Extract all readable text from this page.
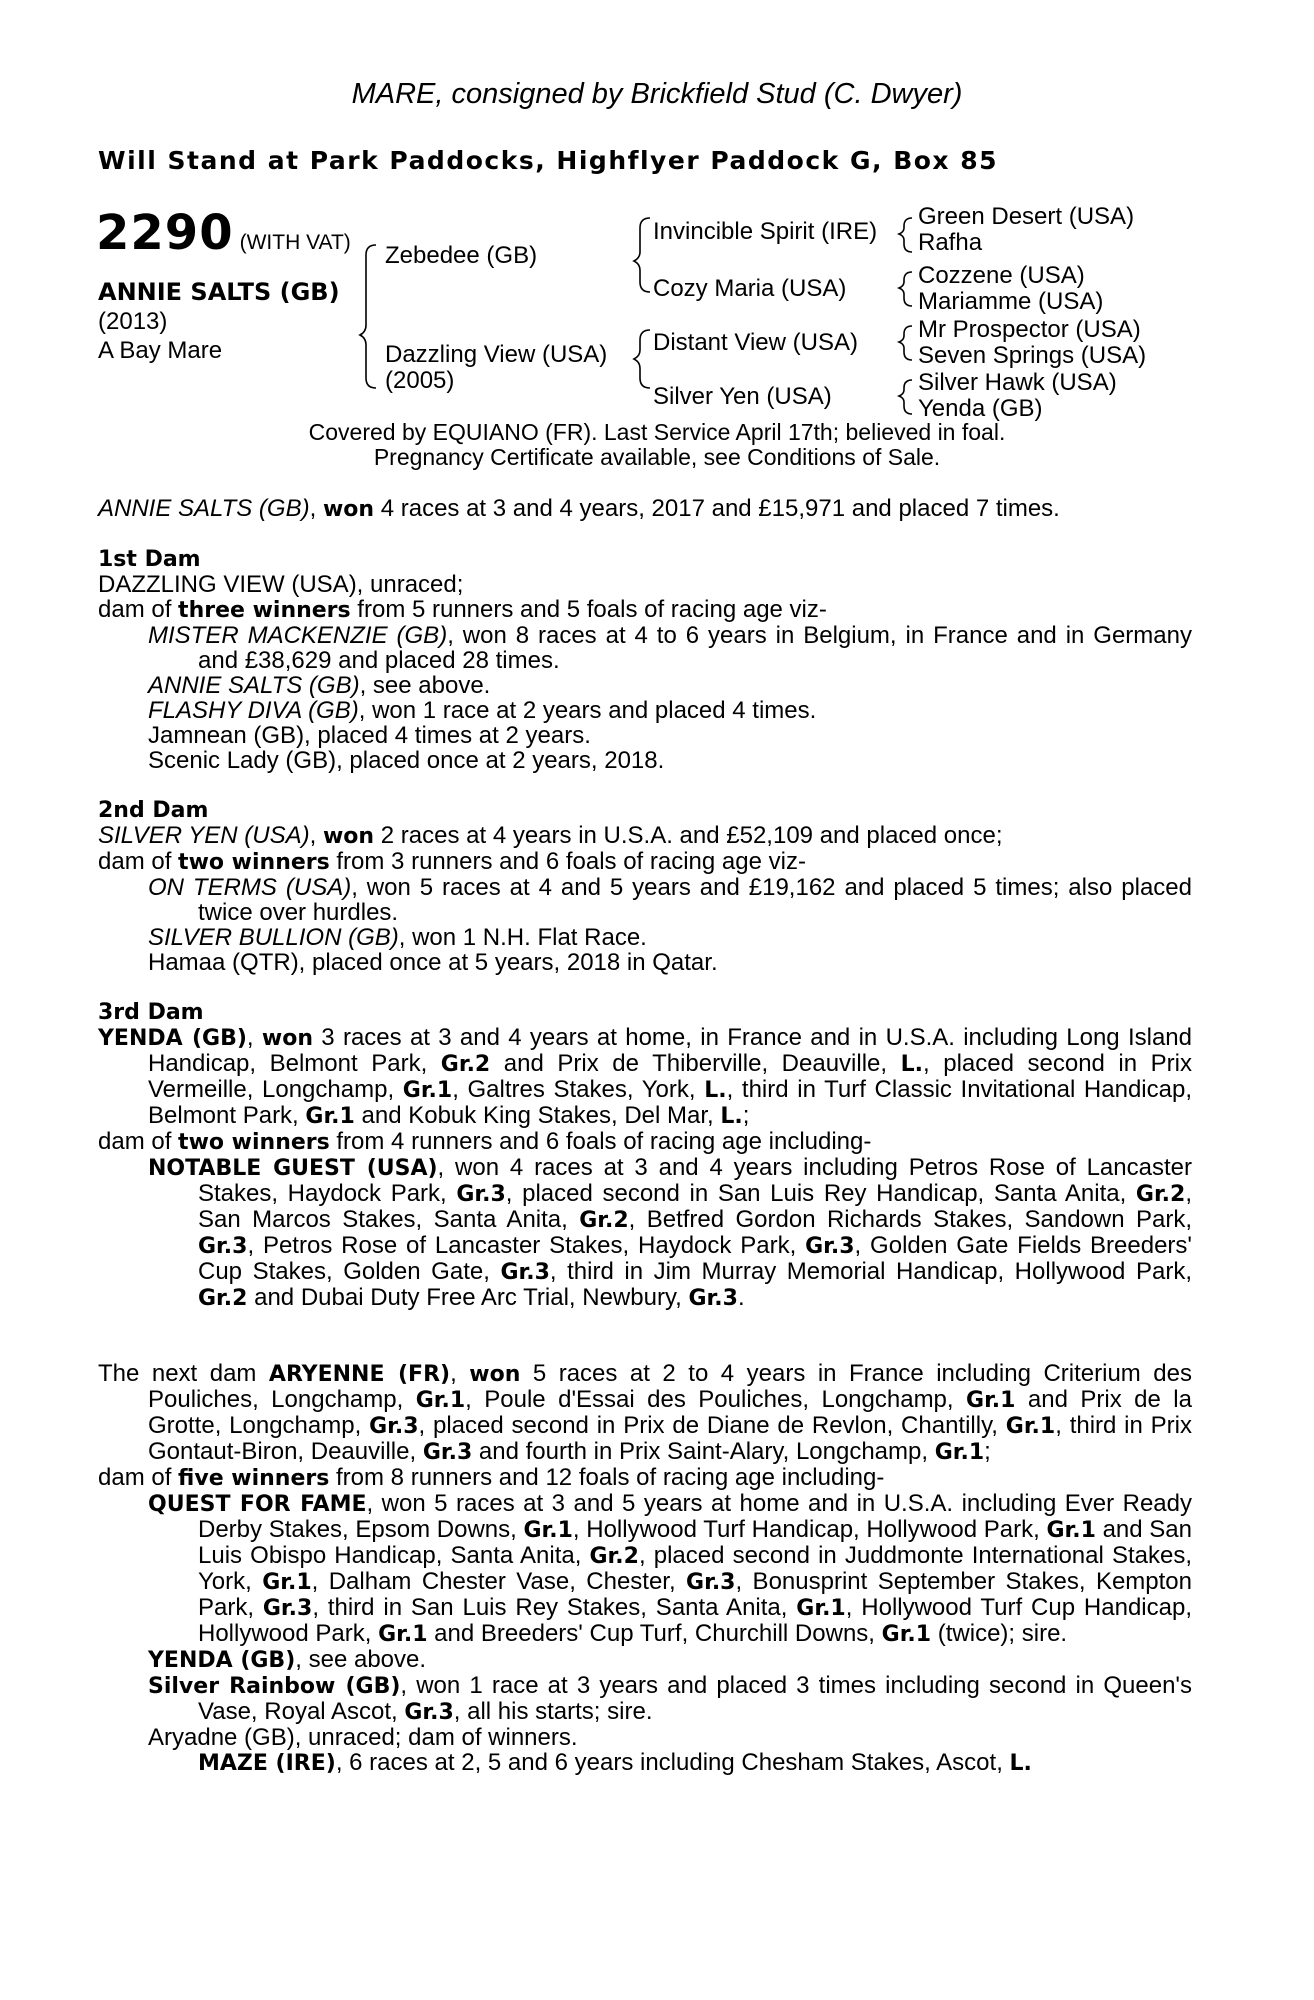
MARE, consigned by Brickfield Stud (C. Dwyer)
Will Stand at Park Paddocks, Highflyer Paddock G, Box 85
2290 (WITH VAT)
ANNIE SALTS (GB)
(2013)
A Bay Mare
Zebedee (GB)
Dazzling View (USA)
(2005)
Invincible Spirit (IRE)
Cozy Maria (USA)
Distant View (USA)
Silver Yen (USA)
Green Desert (USA)
Rafha
Cozzene (USA)
Mariamme (USA)
Mr Prospector (USA)
Seven Springs (USA)
Silver Hawk (USA)
Yenda (GB)
Covered by EQUIANO (FR). Last Service April 17th; believed in foal.
Pregnancy Certificate available, see Conditions of Sale.

ANNIE SALTS (GB), won 4 races at 3 and 4 years, 2017 and £15,971 and placed 7 times.

1st Dam

DAZZLING VIEW (USA), unraced;

dam of three winners from 5 runners and 5 foals of racing age viz-

MISTER MACKENZIE (GB), won 8 races at 4 to 6 years in Belgium, in France and in Germany and £38,629 and placed 28 times.

ANNIE SALTS (GB), see above.

FLASHY DIVA (GB), won 1 race at 2 years and placed 4 times.

Jamnean (GB), placed 4 times at 2 years.

Scenic Lady (GB), placed once at 2 years, 2018.

2nd Dam

SILVER YEN (USA), won 2 races at 4 years in U.S.A. and £52,109 and placed once;

dam of two winners from 3 runners and 6 foals of racing age viz-

ON TERMS (USA), won 5 races at 4 and 5 years and £19,162 and placed 5 times; also placed twice over hurdles.

SILVER BULLION (GB), won 1 N.H. Flat Race.

Hamaa (QTR), placed once at 5 years, 2018 in Qatar.

3rd Dam

YENDA (GB), won 3 races at 3 and 4 years at home, in France and in U.S.A. including Long Island Handicap, Belmont Park, Gr.2 and Prix de Thiberville, Deauville, L., placed second in Prix Vermeille, Longchamp, Gr.1, Galtres Stakes, York, L., third in Turf Classic Invitational Handicap, Belmont Park, Gr.1 and Kobuk King Stakes, Del Mar, L.;

dam of two winners from 4 runners and 6 foals of racing age including-

NOTABLE GUEST (USA), won 4 races at 3 and 4 years including Petros Rose of Lancaster Stakes, Haydock Park, Gr.3, placed second in San Luis Rey Handicap, Santa Anita, Gr.2, San Marcos Stakes, Santa Anita, Gr.2, Betfred Gordon Richards Stakes, Sandown Park, Gr.3, Petros Rose of Lancaster Stakes, Haydock Park, Gr.3, Golden Gate Fields Breeders' Cup Stakes, Golden Gate, Gr.3, third in Jim Murray Memorial Handicap, Hollywood Park, Gr.2 and Dubai Duty Free Arc Trial, Newbury, Gr.3.

The next dam ARYENNE (FR), won 5 races at 2 to 4 years in France including Criterium des Pouliches, Longchamp, Gr.1, Poule d'Essai des Pouliches, Longchamp, Gr.1 and Prix de la Grotte, Longchamp, Gr.3, placed second in Prix de Diane de Revlon, Chantilly, Gr.1, third in Prix Gontaut-Biron, Deauville, Gr.3 and fourth in Prix Saint-Alary, Longchamp, Gr.1;

dam of five winners from 8 runners and 12 foals of racing age including-

QUEST FOR FAME, won 5 races at 3 and 5 years at home and in U.S.A. including Ever Ready Derby Stakes, Epsom Downs, Gr.1, Hollywood Turf Handicap, Hollywood Park, Gr.1 and San Luis Obispo Handicap, Santa Anita, Gr.2, placed second in Juddmonte International Stakes, York, Gr.1, Dalham Chester Vase, Chester, Gr.3, Bonusprint September Stakes, Kempton Park, Gr.3, third in San Luis Rey Stakes, Santa Anita, Gr.1, Hollywood Turf Cup Handicap, Hollywood Park, Gr.1 and Breeders' Cup Turf, Churchill Downs, Gr.1 (twice); sire.

YENDA (GB), see above.

Silver Rainbow (GB), won 1 race at 3 years and placed 3 times including second in Queen's Vase, Royal Ascot, Gr.3, all his starts; sire.

Aryadne (GB), unraced; dam of winners.

MAZE (IRE), 6 races at 2, 5 and 6 years including Chesham Stakes, Ascot, L.
